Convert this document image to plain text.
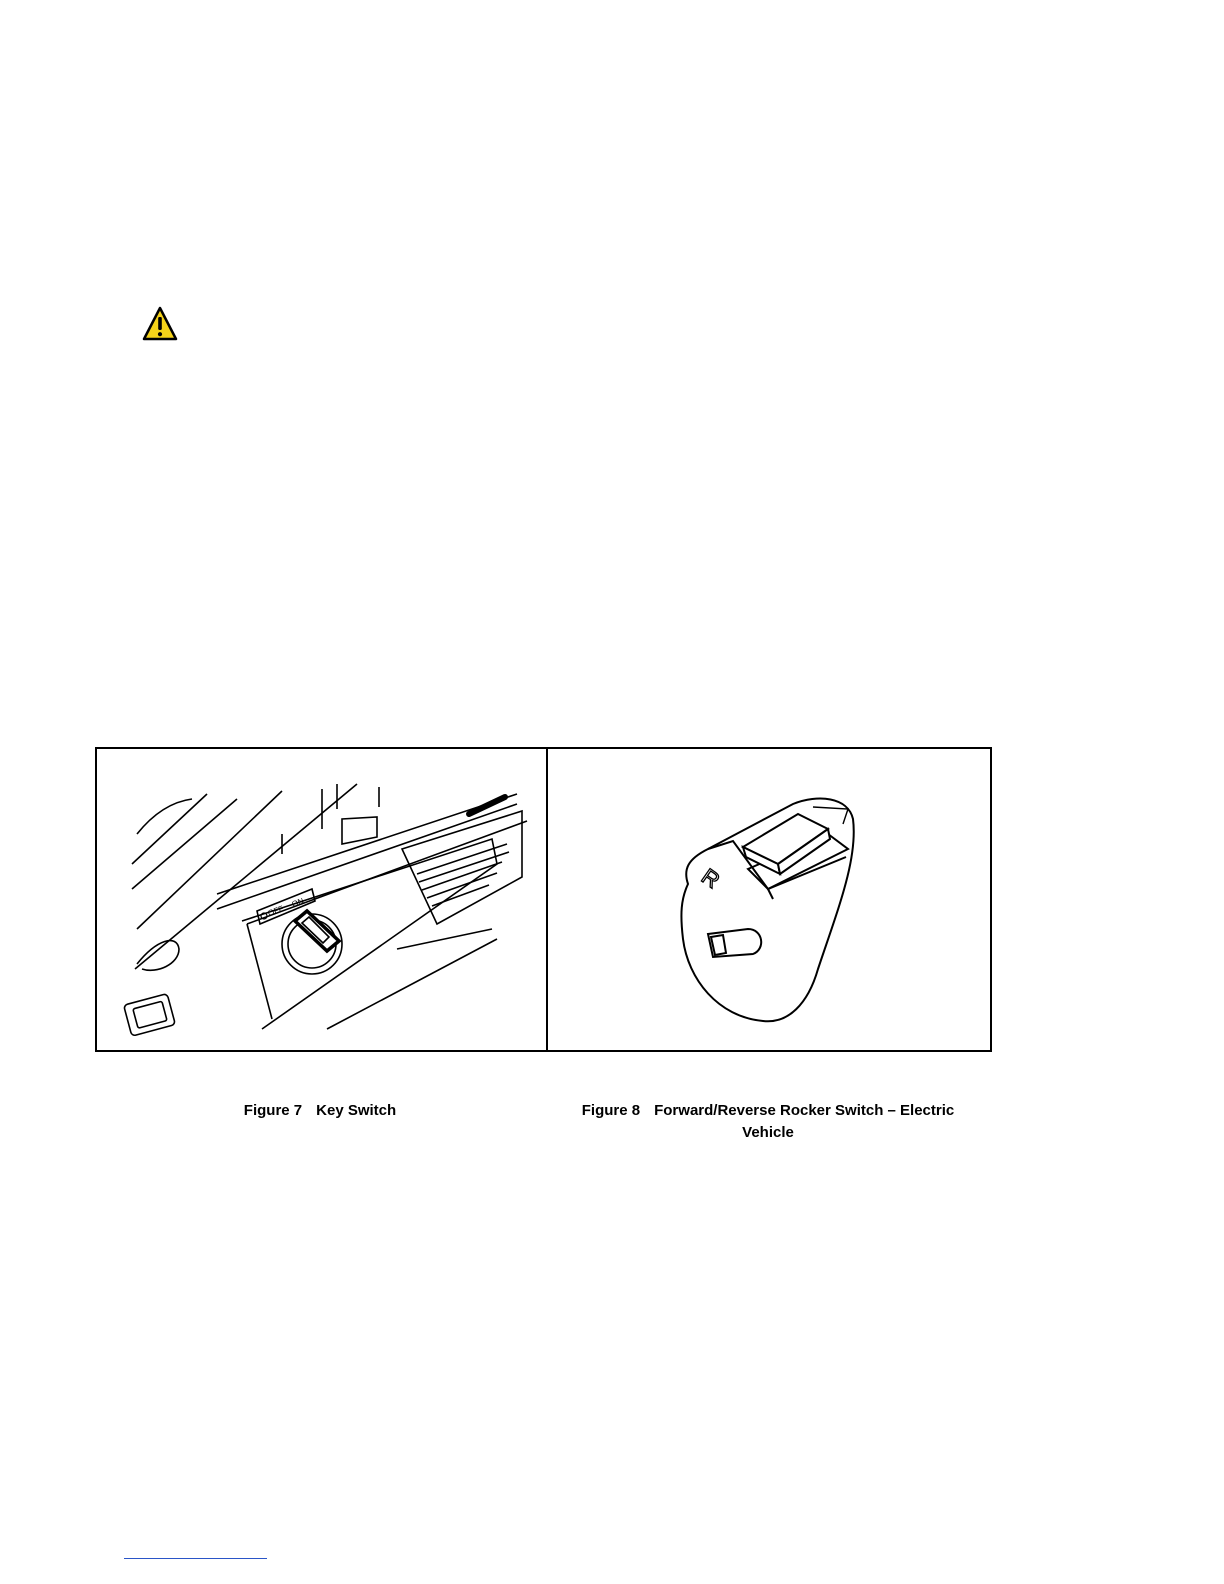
OFF
ON
R
Figure 7 Key Switch	Figure 8 Forward/Reverse Rocker Switch – Electric Vehicle
